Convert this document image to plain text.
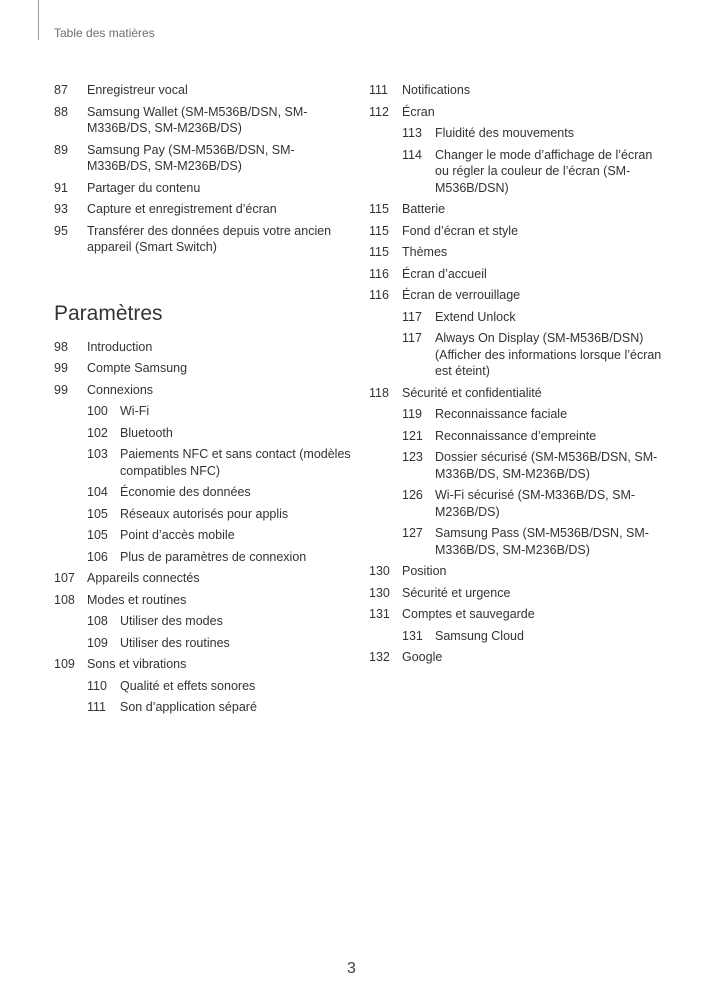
Table des matières
87	Enregistreur vocal
88	Samsung Wallet (SM-M536B/DSN, SM-M336B/DS, SM-M236B/DS)
89	Samsung Pay (SM-M536B/DSN, SM-M336B/DS, SM-M236B/DS)
91	Partager du contenu
93	Capture et enregistrement d’écran
95	Transférer des données depuis votre ancien appareil (Smart Switch)
Paramètres
98	Introduction
99	Compte Samsung
99	Connexions
100 Wi-Fi
102 Bluetooth
103 Paiements NFC et sans contact (modèles compatibles NFC)
104 Économie des données
105 Réseaux autorisés pour applis
105 Point d’accès mobile
106 Plus de paramètres de connexion
107 Appareils connectés
108 Modes et routines
108 Utiliser des modes
109 Utiliser des routines
109 Sons et vibrations
110	Qualité et effets sonores
111	Son d’application séparé
111	Notifications
112	Écran
113	Fluidité des mouvements
114	Changer le mode d’affichage de l’écran ou régler la couleur de l’écran (SM-M536B/DSN)
115	Batterie
115	Fond d’écran et style
115	Thèmes
116	Écran d’accueil
116	Écran de verrouillage
117	Extend Unlock
117	Always On Display (SM-M536B/DSN) (Afficher des informations lorsque l’écran est éteint)
118	Sécurité et confidentialité
119	Reconnaissance faciale
121 Reconnaissance d’empreinte
123 Dossier sécurisé (SM-M536B/DSN, SM-M336B/DS, SM-M236B/DS)
126 Wi-Fi sécurisé (SM-M336B/DS, SM-M236B/DS)
127 Samsung Pass (SM-M536B/DSN, SM-M336B/DS, SM-M236B/DS)
130 Position
130 Sécurité et urgence
131 Comptes et sauvegarde
131 Samsung Cloud
132 Google
3
